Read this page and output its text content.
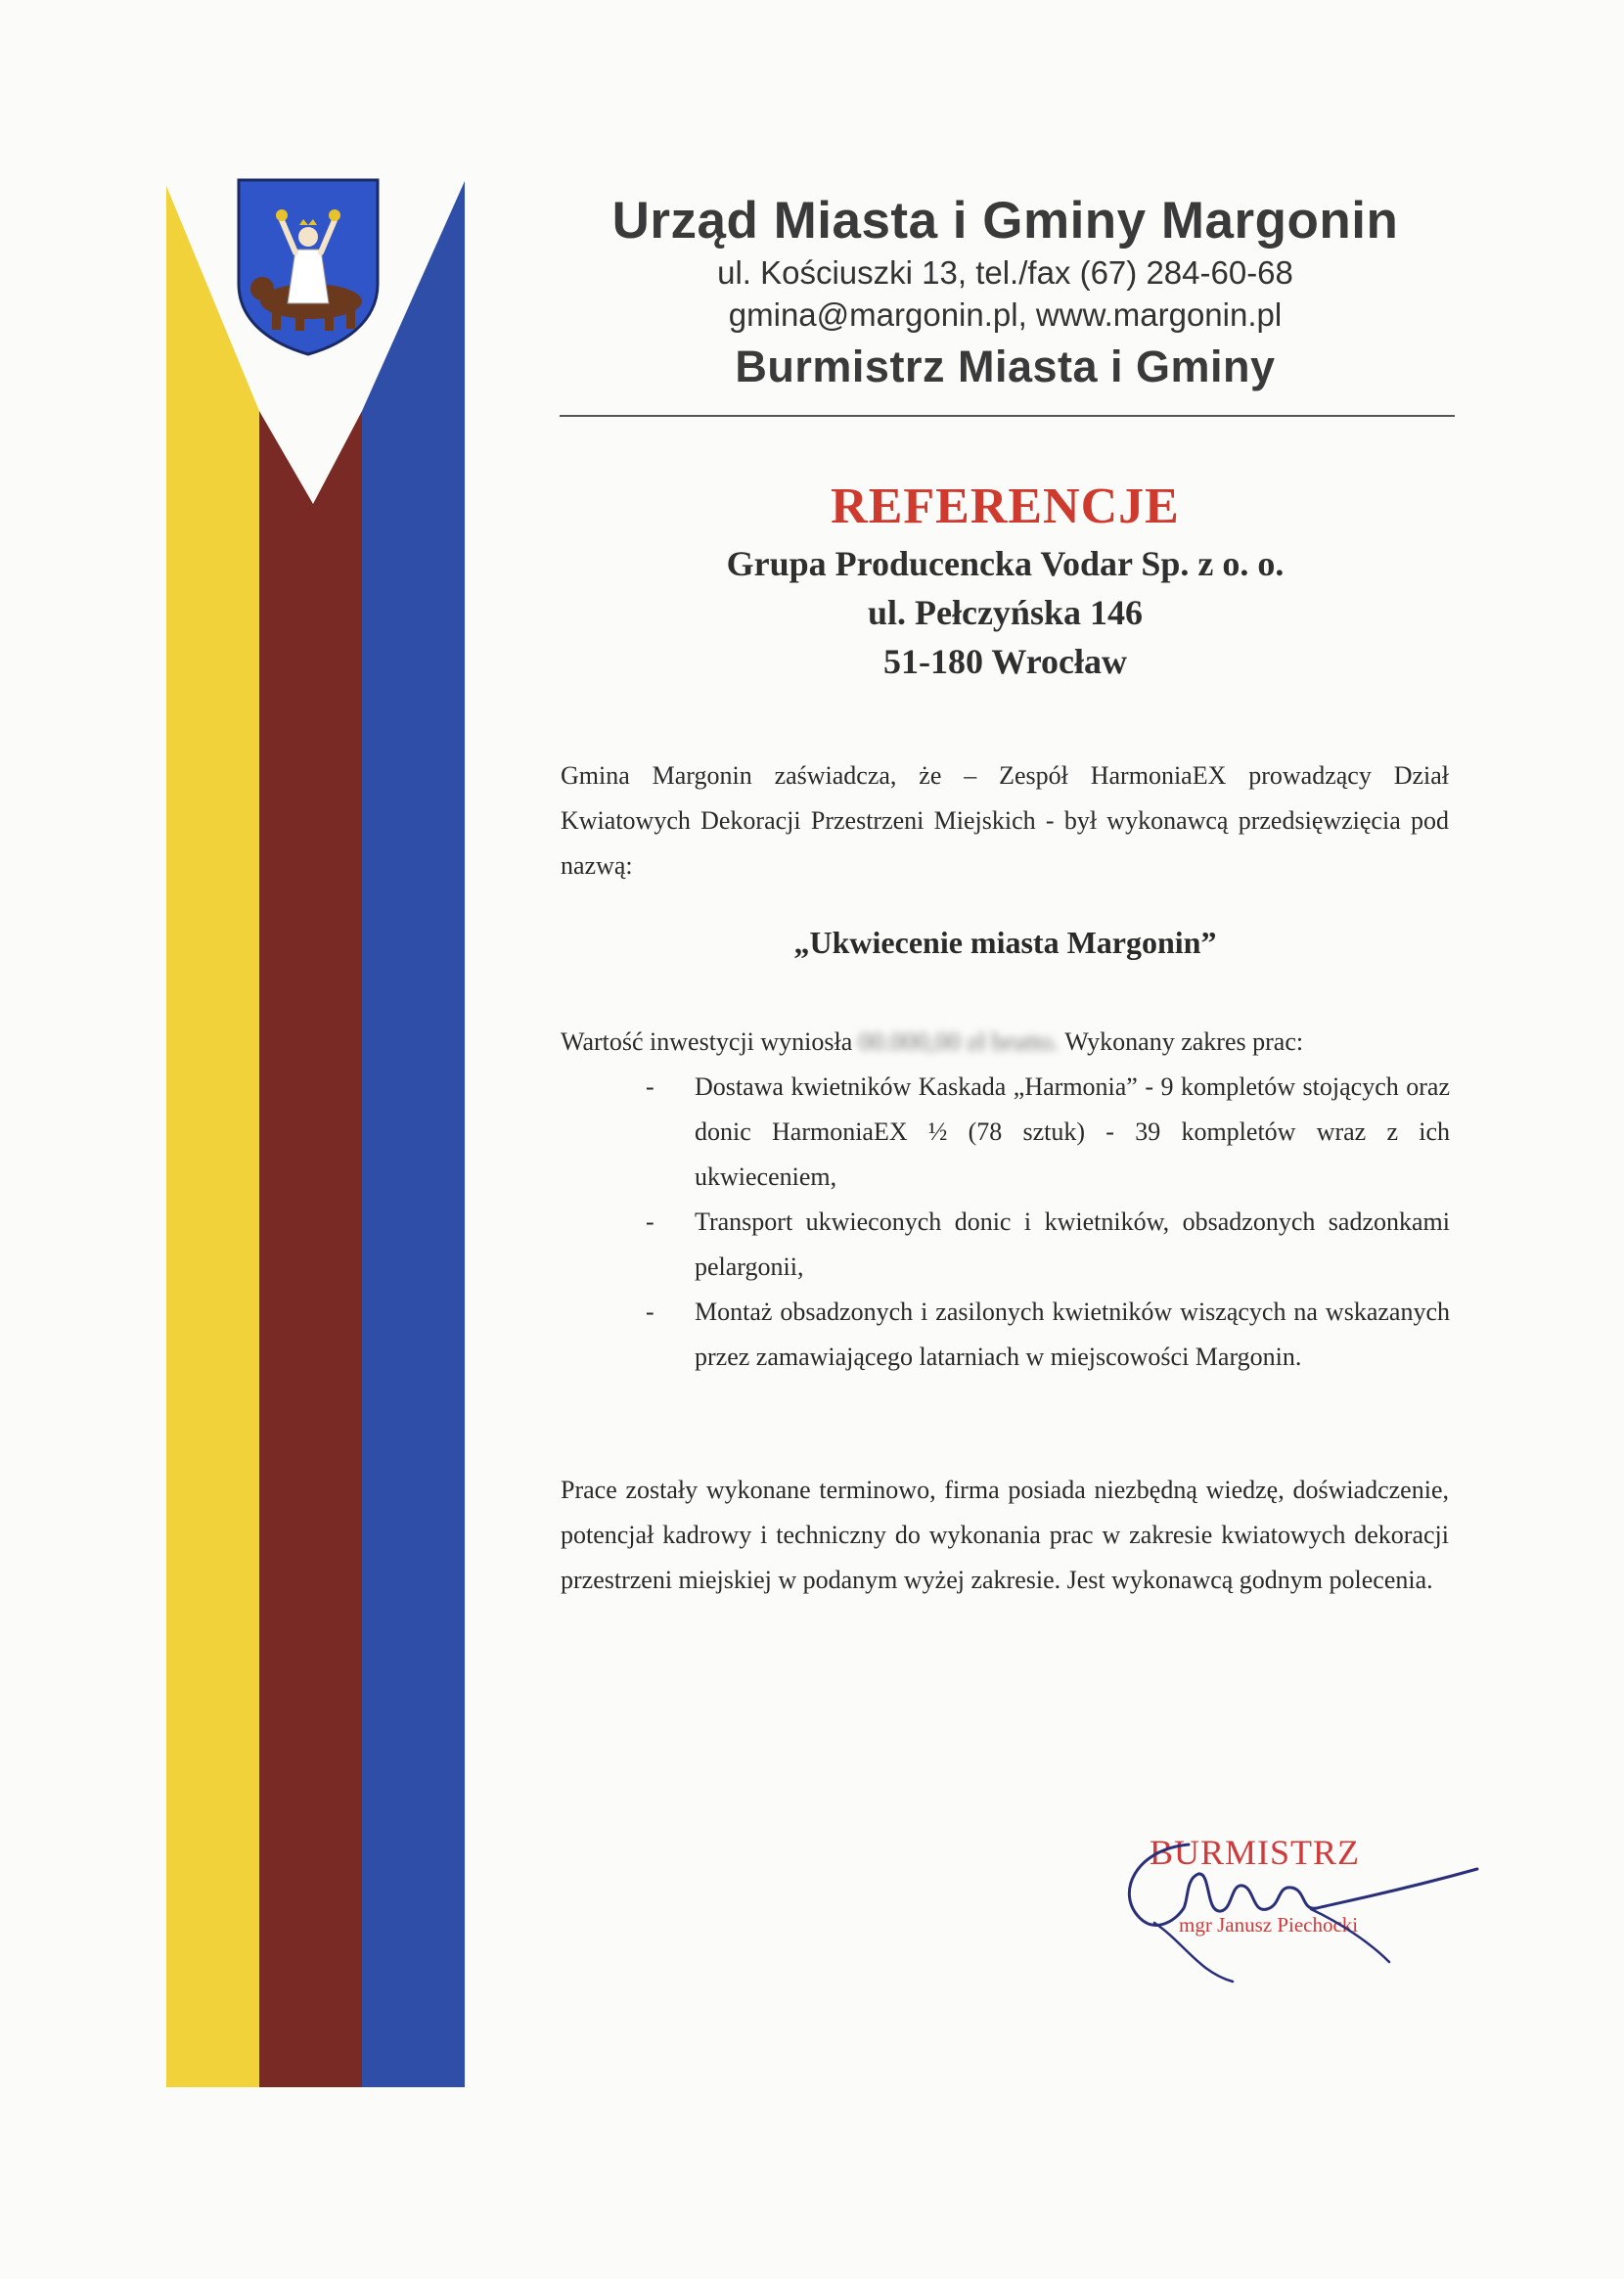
Urząd Miasta i Gminy Margonin
ul. Kościuszki 13, tel./fax (67) 284-60-68
gmina@margonin.pl, www.margonin.pl
Burmistrz Miasta i Gminy
REFERENCJE
Grupa Producencka Vodar Sp. z o. o.
ul. Pełczyńska 146
51-180 Wrocław
Gmina Margonin zaświadcza, że – Zespół HarmoniaEX prowadzący Dział Kwiatowych Dekoracji Przestrzeni Miejskich - był wykonawcą przedsięwzięcia pod nazwą:
„Ukwiecenie miasta Margonin”
Wartość inwestycji wyniosła 00.000,00 zł brutto. Wykonany zakres prac:
- Dostawa kwietników Kaskada „Harmonia” - 9 kompletów stojących oraz donic HarmoniaEX ½ (78 sztuk) - 39 kompletów wraz z ich ukwieceniem,
- Transport ukwieconych donic i kwietników, obsadzonych sadzonkami pelargonii,
- Montaż obsadzonych i zasilonych kwietników wiszących na wskazanych przez zamawiającego latarniach w miejscowości Margonin.
Prace zostały wykonane terminowo, firma posiada niezbędną wiedzę, doświadczenie, potencjał kadrowy i techniczny do wykonania prac w zakresie kwiatowych dekoracji przestrzeni miejskiej w podanym wyżej zakresie. Jest wykonawcą godnym polecenia.
BURMISTRZ
mgr Janusz Piechocki
